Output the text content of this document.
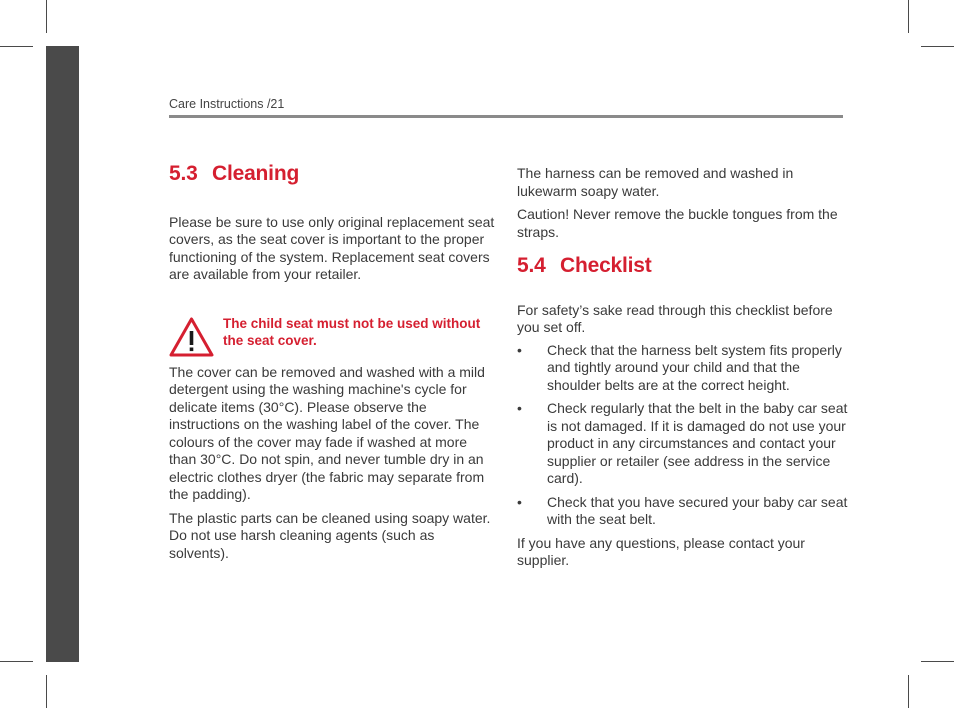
Care Instructions /21
5.3 Cleaning

Please be sure to use only original replacement seat covers, as the seat cover is important to the proper functioning of the system. Replacement seat covers are available from your retailer.

The child seat must not be used without the seat cover.

The cover can be removed and washed with a mild detergent using the washing machine's cycle for delicate items (30°C). Please observe the instructions on the washing label of the cover. The colours of the cover may fade if washed at more than 30°C. Do not spin, and never tumble dry in an electric clothes dryer (the fabric may separate from the padding).

The plastic parts can be cleaned using soapy water. Do not use harsh cleaning agents (such as solvents).

The harness can be removed and washed in lukewarm soapy water.

Caution! Never remove the buckle tongues from the straps.

5.4 Checklist

For safety’s sake read through this checklist before you set off.

• Check that the harness belt system fits properly and tightly around your child and that the shoulder belts are at the correct height.
• Check regularly that the belt in the baby car seat is not damaged. If it is damaged do not use your product in any circumstances and contact your supplier or retailer (see address in the service card).
• Check that you have secured your baby car seat with the seat belt.

If you have any questions, please contact your supplier.
